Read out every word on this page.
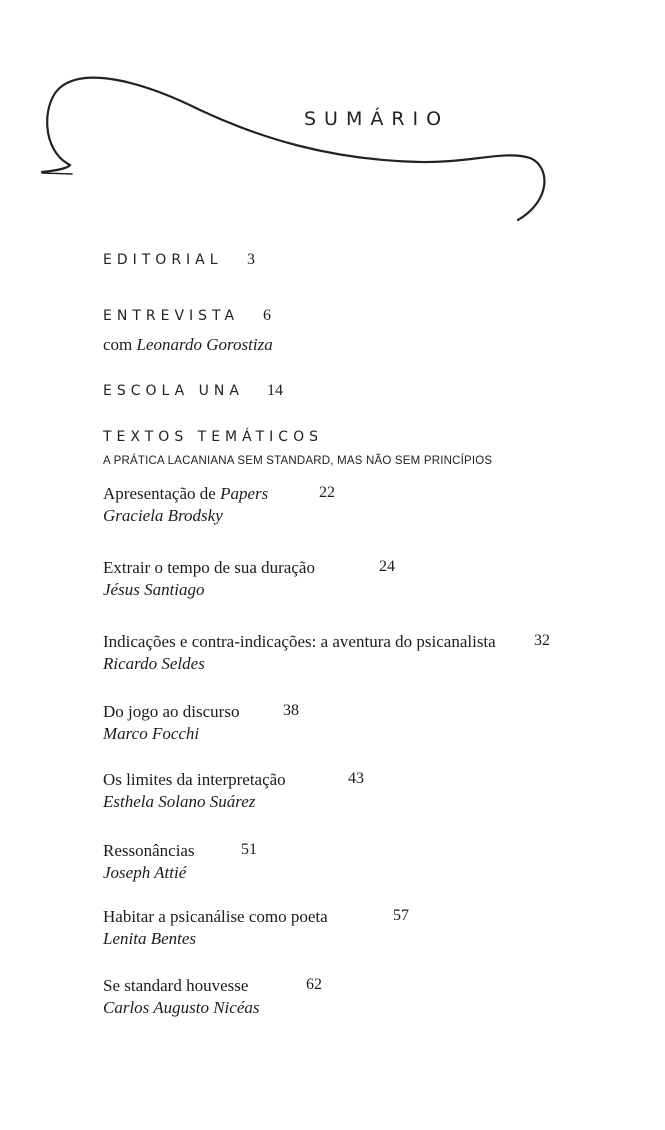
SUMÁRIO
EDITORIAL 3
ENTREVISTA 6
com Leonardo Gorostiza
ESCOLA UNA 14
TEXTOS TEMÁTICOS
A PRÁTICA LACANIANA SEM STANDARD, MAS NÃO SEM PRINCÍPIOS
Apresentação de Papers
Graciela Brodsky
22
Extrair o tempo de sua duração
Jésus Santiago
24
Indicações e contra-indicações: a aventura do psicanalista
Ricardo Seldes
32
Do jogo ao discurso
Marco Focchi
38
Os limites da interpretação
Esthela Solano Suárez
43
Ressonâncias
Joseph Attié
51
Habitar a psicanálise como poeta
Lenita Bentes
57
Se standard houvesse
Carlos Augusto Nicéas
62
